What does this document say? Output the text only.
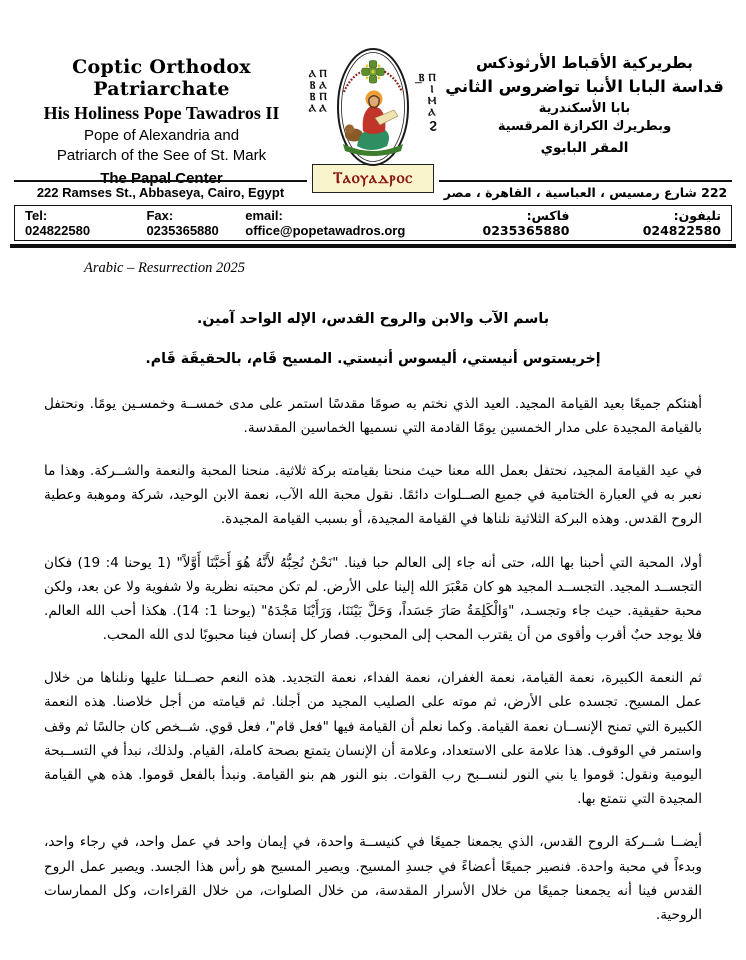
Coptic Orthodox Patriarchate
His Holiness Pope Tawadros II
Pope of Alexandria and
Patriarch of the See of St. Mark
The Papal Center
ⲠⲀⲠⲀ ⲀⲂⲂⲀ	ⲠⲒⲘⲀϨ Ⲃ̅
بطريركية الأقباط الأرثوذكس
قداسة البابا الأنبا تواضروس الثاني
بابا الأسكندرية
وبطريرك الكرازة المرقسية
المقر البابوي
222 Ramses St., Abbaseya, Cairo, Egypt
Ⲧⲁⲟⲩⲁⲇⲣⲟⲥ
222 شارع رمسيس ، العباسية ، القاهرة ، مصر
Tel: 024822580
Fax: 0235365880
email: office@popetawadros.org
تليفون: 024822580
فاكس: 0235365880
Arabic – Resurrection 2025
باسم الآب والابن والروح القدس، الإله الواحد آمين.
إخريستوس أنيستي، أليسوس أنيستي. المسيح قَام، بالحقيقَة قَام.

أهنئكم جميعًا بعيد القيامة المجيد. العيد الذي نختم به صومًا مقدسًا استمر على مدى خمســة وخمسـين يومًا. ونحتفل بالقيامة المجيدة على مدار الخمسين يومًا القادمة التي نسميها الخماسين المقدسة.

في عيد القيامة المجيد، نحتفل بعمل الله معنا حيث منحنا بقيامته بركة ثلاثية. منحنا المحبة والنعمة والشــركة. وهذا ما نعبر به في العبارة الختامية في جميع الصــلوات دائمًا. نقول محبة الله الآب، نعمة الابن الوحيد، شركة وموهبة وعطية الروح القدس. وهذه البركة الثلاثية نلناها في القيامة المجيدة، أو بسبب القيامة المجيدة.

أولا، المحبة التي أحبنا بها الله، حتى أنه جاء إلى العالم حبا فينا. "نَحْنُ نُحِبُّهُ لأَنَّهُ هُوَ أَحَبَّنَا أَوَّلاً" (1 يوحنا 4: 19) فكان التجســد المجيد. التجســد المجيد هو كان مَعْبَرَ الله إلينا على الأرض. لم تكن محبته نظرية ولا شفوية ولا عن بعد، ولكن محبة حقيقية. حيث جاء وتجسـد، "وَالْكَلِمَةُ صَارَ جَسَداً، وَحَلَّ بَيْنَنَا، وَرَأَيْنَا مَجْدَهُ" (يوحنا 1: 14). هكذا أحب الله العالم. فلا يوجد حبٌ أقرب وأقوى من أن يقترب المحب إلى المحبوب. فصار كل إنسان فينا محبوبًا لدى الله المحب.

ثم النعمة الكبيرة، نعمة القيامة، نعمة الغفران، نعمة الفداء، نعمة التجديد. هذه النعم حصــلنا عليها ونلناها من خلال عمل المسيح. تجسده على الأرض، ثم موته على الصليب المجيد من أجلنا. ثم قيامته من أجل خلاصنا. هذه النعمة الكبيرة التي تمنح الإنســان نعمة القيامة. وكما نعلم أن القيامة فيها "فعل قام"، فعل قوي. شــخص كان جالسًا ثم وقف واستمر في الوقوف. هذا علامة على الاستعداد، وعلامة أن الإنسان يتمتع بصحة كاملة، القيام. ولذلك، نبدأ في التســبحة اليومية ونقول: قوموا يا بني النور لنســبح رب القوات. بنو النور هم بنو القيامة. ونبدأ بالفعل قوموا. هذه هي القيامة المجيدة التي نتمتع بها.

أيضــا شــركة الروح القدس، الذي يجمعنا جميعًا في كنيســة واحدة، في إيمان واحد في عمل واحد، في رجاء واحد، وبدءاً في محبة واحدة. فنصير جميعًا أعضاءً في جسدِ المسيح. ويصير المسيح هو رأس هذا الجسد. ويصير عمل الروح القدس فينا أنه يجمعنا جميعًا من خلال الأسرار المقدسة، من خلال الصلوات، من خلال القراءات، وكل الممارسات الروحية.
